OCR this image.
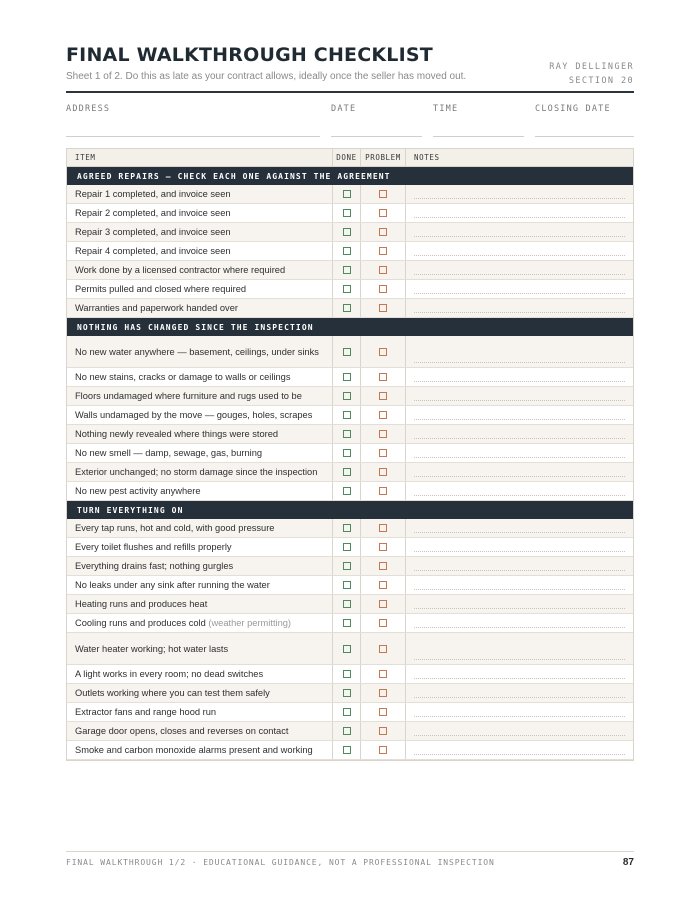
FINAL WALKTHROUGH CHECKLIST
Sheet 1 of 2. Do this as late as your contract allows, ideally once the seller has moved out.
RAY DELLINGER
SECTION 20
ADDRESS	DATE	TIME	CLOSING DATE
ITEM	DONE	PROBLEM	NOTES
AGREED REPAIRS — CHECK EACH ONE AGAINST THE AGREEMENT
Repair 1 completed, and invoice seen
Repair 2 completed, and invoice seen
Repair 3 completed, and invoice seen
Repair 4 completed, and invoice seen
Work done by a licensed contractor where required
Permits pulled and closed where required
Warranties and paperwork handed over
NOTHING HAS CHANGED SINCE THE INSPECTION
No new water anywhere — basement, ceilings, under sinks
No new stains, cracks or damage to walls or ceilings
Floors undamaged where furniture and rugs used to be
Walls undamaged by the move — gouges, holes, scrapes
Nothing newly revealed where things were stored
No new smell — damp, sewage, gas, burning
Exterior unchanged; no storm damage since the inspection
No new pest activity anywhere
TURN EVERYTHING ON
Every tap runs, hot and cold, with good pressure
Every toilet flushes and refills properly
Everything drains fast; nothing gurgles
No leaks under any sink after running the water
Heating runs and produces heat
Cooling runs and produces cold (weather permitting)
Water heater working; hot water lasts
A light works in every room; no dead switches
Outlets working where you can test them safely
Extractor fans and range hood run
Garage door opens, closes and reverses on contact
Smoke and carbon monoxide alarms present and working
FINAL WALKTHROUGH 1/2 · EDUCATIONAL GUIDANCE, NOT A PROFESSIONAL INSPECTION	87
